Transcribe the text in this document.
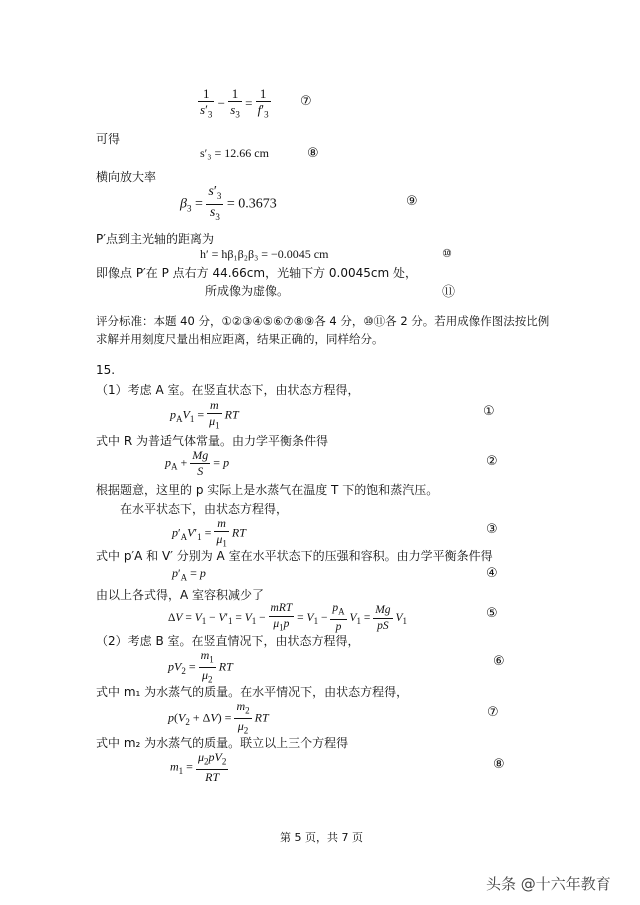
$\frac{1}{s'_3} - \frac{1}{s_3} = \frac{1}{f'_3}$ ⑦
可得
s′₃ = 12.66 cm	⑧
横向放大率
$\beta_3 = \frac{s'_3}{s_3} = 0.3673$	⑨
P′点到主光轴的距离为
h′ = hβ₁β₂β₃ = −0.0045 cm	⑩
即像点 P′在 P 点右方 44.66cm，光轴下方 0.0045cm 处，
所成像为虚像。	⑪
评分标准：本题 40 分，①②③④⑤⑥⑦⑧⑨各 4 分，⑩⑪各 2 分。若用成像作图法按比例
求解并用刻度尺量出相应距离，结果正确的，同样给分。
15.
（1）考虑 A 室。在竖直状态下，由状态方程得，
$p_AV_1 = \frac{m}{\mu_1}$ RT	①
式中 R 为普适气体常量。由力学平衡条件得
$p_A + \frac{Mg}{S} = p$	②
根据题意，这里的 p 实际上是水蒸气在温度 T 下的饱和蒸汽压。
在水平状态下，由状态方程得，
$p'_AV'_1 = \frac{m}{\mu_1}$ RT	③
式中 p′A 和 V′ 分别为 A 室在水平状态下的压强和容积。由力学平衡条件得
$p'_A = p$	④
由以上各式得，A 室容积减少了
$\Delta V = V_1 - V'_1 = V_1 - \frac{\text{mRT}}{\mu_1p} = V_1 - \frac{p_A}{p} V_1 = \frac{Mg}{pS} V_1$
⑤
（2）考虑 B 室。在竖直情况下，由状态方程得，
$pV_2 = \frac{m_1}{\mu_2}$ RT	⑥
式中 m₁ 为水蒸气的质量。在水平情况下，由状态方程得，
$p(V_2 + \Delta V) = \frac{m_2}{\mu_2}$ RT	⑦
式中 m₂ 为水蒸气的质量。联立以上三个方程得
$m_1 = \frac{\mu_2pV_2}{RT}$	⑧
第 5 页，共 7 页
头条 @十六年教育
